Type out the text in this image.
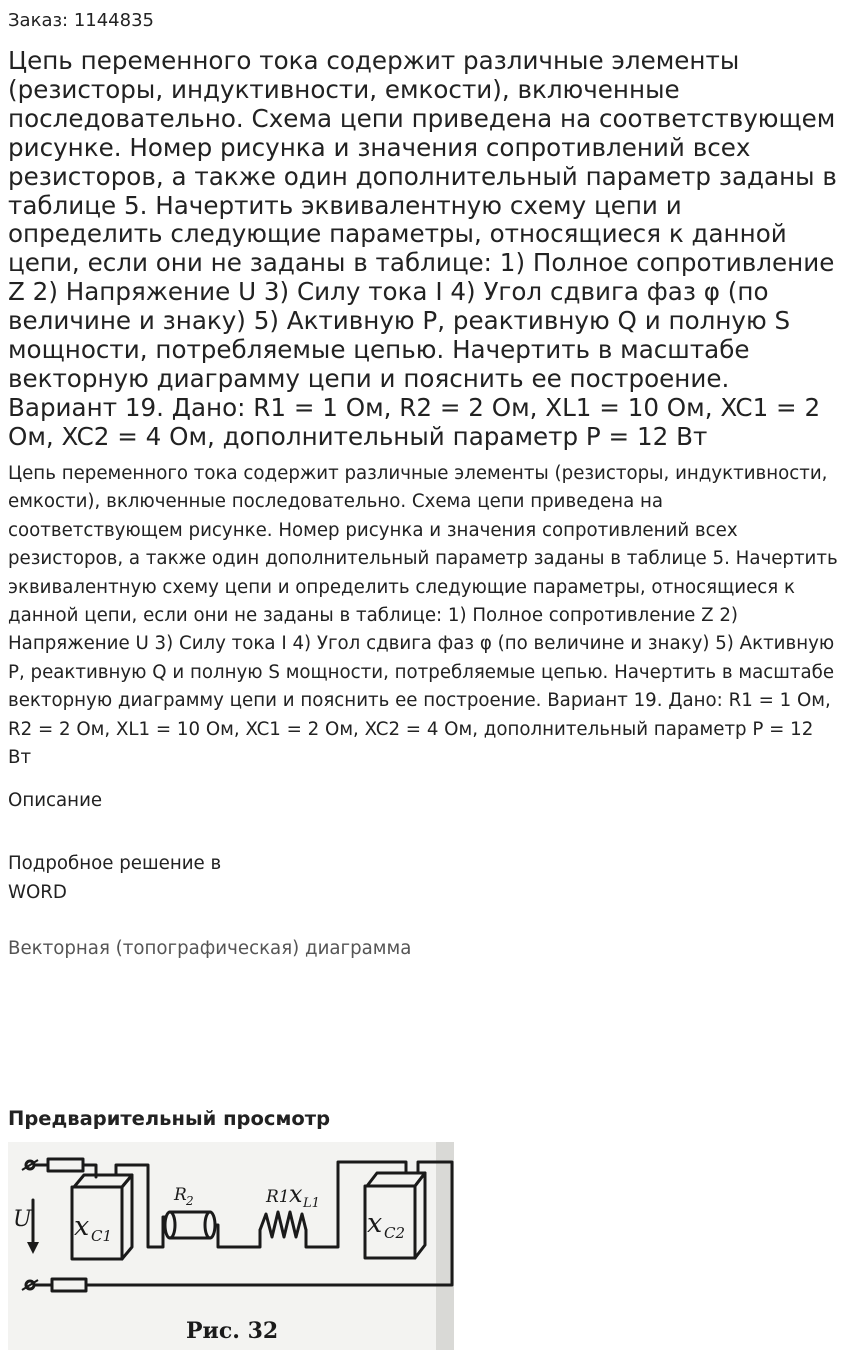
Заказ: 1144835
Цепь переменного тока содержит различные элементы (резисторы, индуктивности, емкости), включенные последовательно. Схема цепи приведена на соответствующем рисунке. Номер рисунка и значения сопротивлений всех резисторов, а также один дополнительный параметр заданы в таблице 5. Начертить эквивалентную схему цепи и определить следующие параметры, относящиеся к данной цепи, если они не заданы в таблице: 1) Полное сопротивление Z 2) Напряжение U 3) Силу тока I 4) Угол сдвига фаз φ (по величине и знаку) 5) Активную Р, реактивную Q и полную S мощности, потребляемые цепью. Начертить в масштабе векторную диаграмму цепи и пояснить ее построение. Вариант 19. Дано: R1 = 1 Ом, R2 = 2 Ом, XL1 = 10 Ом, XC1 = 2 Ом, XC2 = 4 Ом, дополнительный параметр P = 12 Вт

Цепь переменного тока содержит различные элементы (резисторы, индуктивности, емкости), включенные последовательно. Схема цепи приведена на соответствующем рисунке. Номер рисунка и значения сопротивлений всех резисторов, а также один дополнительный параметр заданы в таблице 5. Начертить эквивалентную схему цепи и определить следующие параметры, относящиеся к данной цепи, если они не заданы в таблице: 1) Полное сопротивление Z 2) Напряжение U 3) Силу тока I 4) Угол сдвига фаз φ (по величине и знаку) 5) Активную Р, реактивную Q и полную S мощности, потребляемые цепью. Начертить в масштабе векторную диаграмму цепи и пояснить ее построение. Вариант 19. Дано: R1 = 1 Ом, R2 = 2 Ом, XL1 = 10 Ом, XC1 = 2 Ом, XC2 = 4 Ом, дополнительный параметр P = 12 Вт

Описание
Подробное решение в WORD
Векторная (топографическая) диаграмма
Предварительный просмотр
U x C1
R 2	R1 x L1
x C2
Рис. 32
